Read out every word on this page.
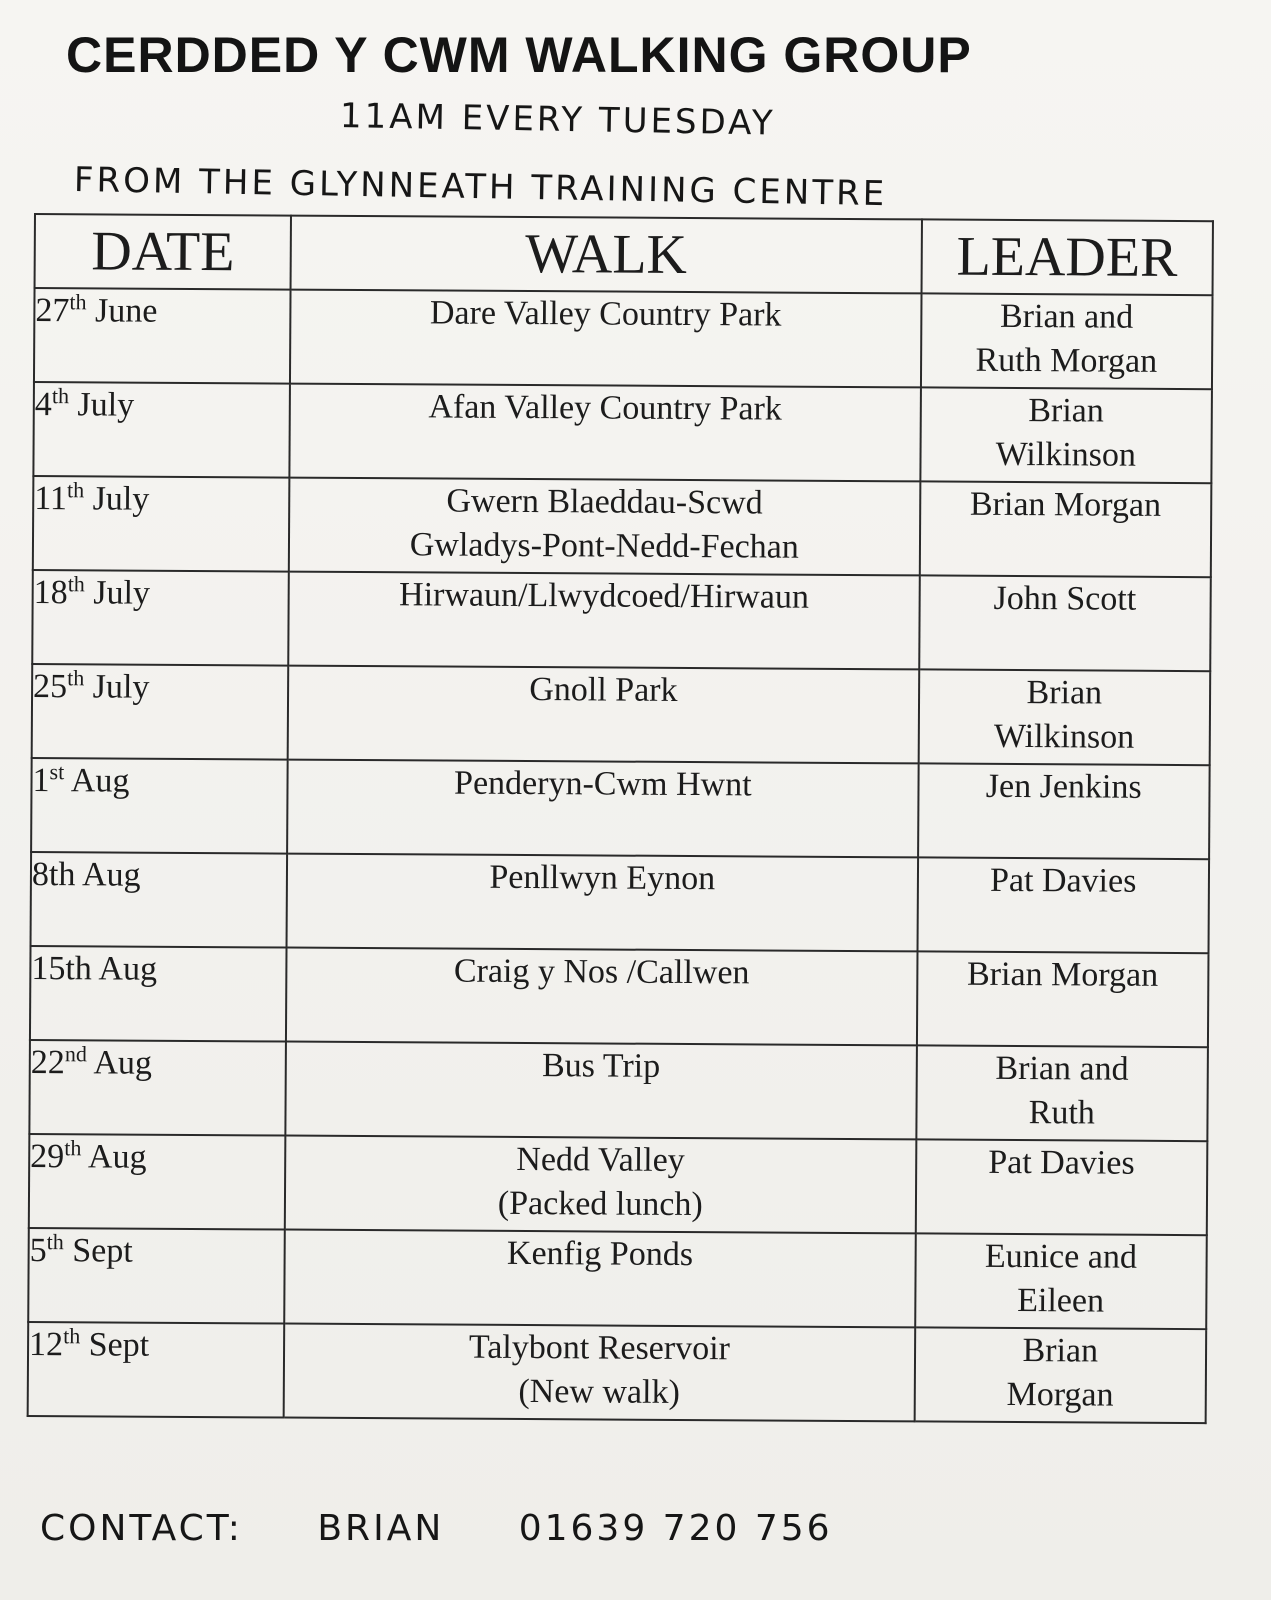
CERDDED Y CWM WALKING GROUP
11AM EVERY TUESDAY
FROM THE GLYNNEATH TRAINING CENTRE
DATE	WALK	LEADER
27th June	Dare Valley Country Park	Brian and
Ruth Morgan

4th July	Afan Valley Country Park	Brian
Wilkinson

11th July	Gwern Blaeddau-Scwd
Gwladys-Pont-Nedd-Fechan	Brian Morgan

18th July	Hirwaun/Llwydcoed/Hirwaun	John Scott

25th July	Gnoll Park	Brian
Wilkinson

1st Aug	Penderyn-Cwm Hwnt	Jen Jenkins

8th Aug	Penllwyn Eynon	Pat Davies

15th Aug	Craig y Nos /Callwen	Brian Morgan

22nd Aug	Bus Trip	Brian and
Ruth

29th Aug	Nedd Valley
(Packed lunch)	Pat Davies

5th Sept	Kenfig Ponds	Eunice and
Eileen

12th Sept	Talybont Reservoir
(New walk)	Brian
Morgan
CONTACT: BRIAN 01639 720 756
